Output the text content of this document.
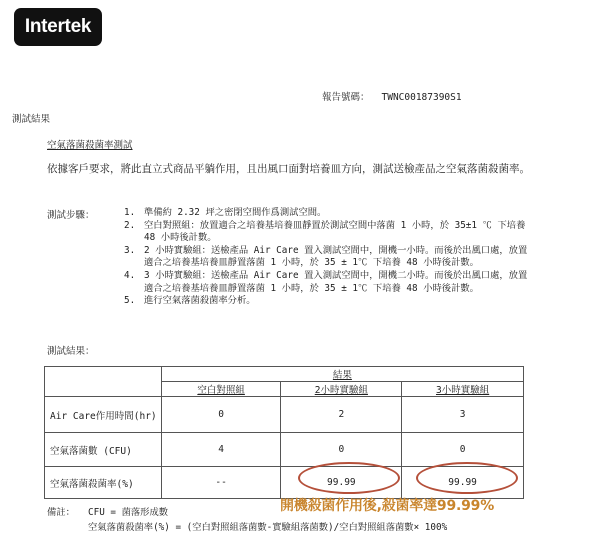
Intertek
報告號碼： TWNC00187390S1
測試結果
空氣落菌殺菌率測試
依據客戶要求，將此直立式商品平躺作用，且出風口面對培養皿方向，測試送檢產品之空氣落菌殺菌率。
測試步驟：	1. 準備約 2.32 坪之密閉空間作爲測試空間。
2. 空白對照組：放置適合之培養基培養皿靜置於測試空間中落菌 1 小時，於 35±1 ℃ 下培養 48 小時後計數。
3. 2 小時實驗組：送檢產品 Air Care 置入測試空間中，開機一小時。而後於出風口處，放置適合之培養基培養皿靜置落菌 1 小時，於 35 ± 1℃ 下培養 48 小時後計數。
4. 3 小時實驗組：送檢產品 Air Care 置入測試空間中，開機二小時。而後於出風口處，放置適合之培養基培養皿靜置落菌 1 小時，於 35 ± 1℃ 下培養 48 小時後計數。
5. 進行空氣落菌殺菌率分析。
測試結果：
	結果		
	空白對照組	2小時實驗組	3小時實驗組
Air Care作用時間(hr)	0	2	3
空氣落菌數 (CFU)	4	0	0
空氣落菌殺菌率(%)	--	99.99	99.99
開機殺菌作用後,殺菌率達99.99%
備註： CFU = 菌落形成數
空氣落菌殺菌率(%) = (空白對照組落菌數-實驗組落菌數)/空白對照組落菌數× 100%
